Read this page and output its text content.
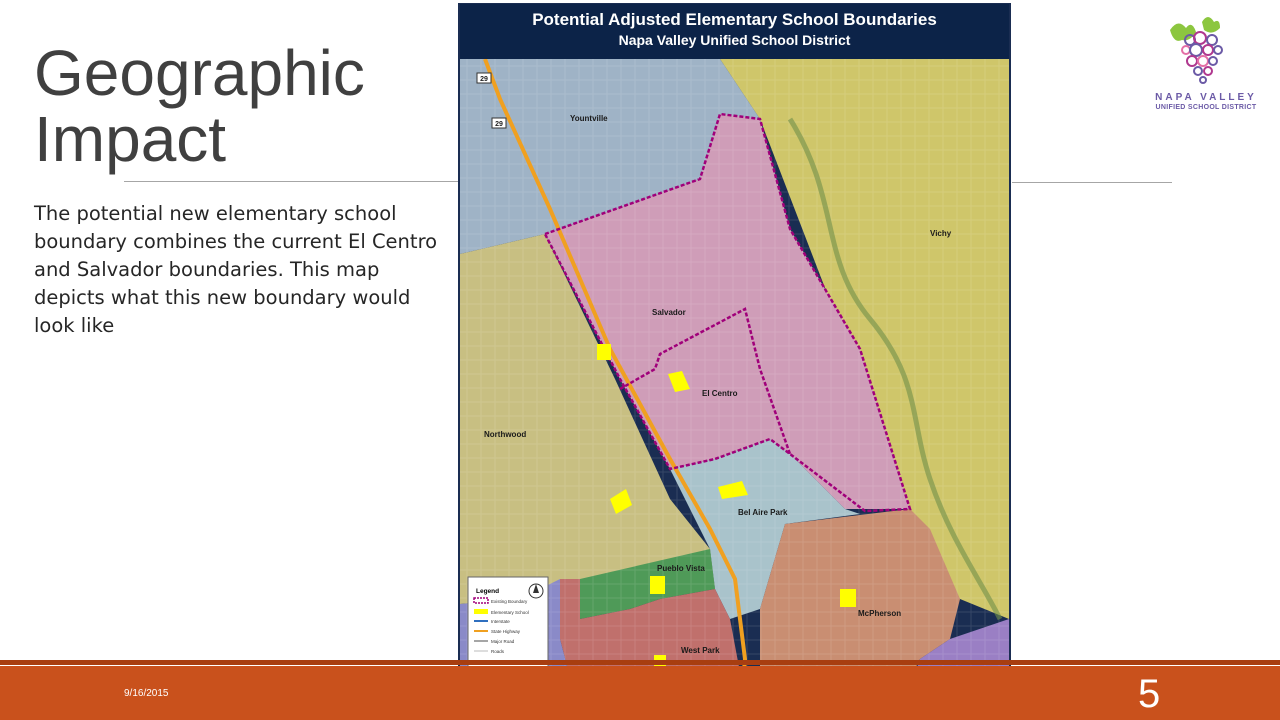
Geographic
Impact

The potential new elementary school boundary combines the current El Centro and Salvador boundaries. This map depicts what this new boundary would look like

NAPA VALLEY
UNIFIED SCHOOL DISTRICT
Potential Adjusted Elementary School Boundaries
Napa Valley Unified School District
29
29
Yountville
Vichy
Salvador
El Centro
Northwood
Bel Aire Park
Pueblo Vista
McPherson
West Park
Legend
Existing Boundary
Elementary School
Interstate
State Highway
Major Road
Roads
9/16/2015	5
